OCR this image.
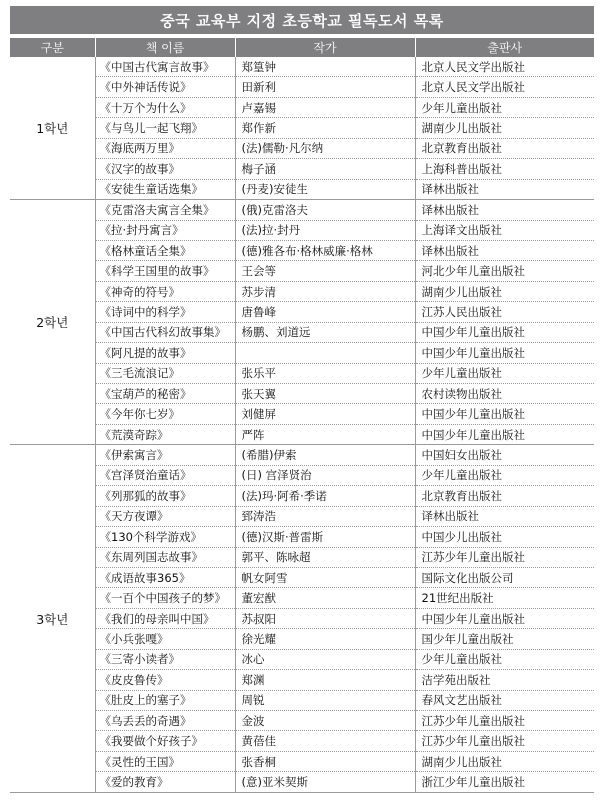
중국 교육부 지정 초등학교 필독도서 목록
구분	책 이름	작가	출판사
1학년	《中国古代寓言故事》	郑篁钟	北京人民文学出版社
	《中外神话传说》	田新利	北京人民文学出版社
	《十万个为什么》	卢嘉锡	少年儿童出版社
	《与鸟儿一起飞翔》	郑作新	湖南少儿出版社
	《海底两万里》	(法)儒勒·凡尔纳	北京教育出版社
	《汉字的故事》	梅子涵	上海科普出版社
	《安徒生童话选集》	(丹麦)安徒生	译林出版社
2학년	《克雷洛夫寓言全集》	(俄)克雷洛夫	译林出版社
	《拉·封丹寓言》	(法)拉·封丹	上海译文出版社
	《格林童话全集》	(德)雅各布·格林威廉·格林	译林出版社
	《科学王国里的故事》	王会等	河北少年儿童出版社
	《神奇的符号》	苏步清	湖南少儿出版社
	《诗词中的科学》	唐鲁峰	江苏人民出版社
	《中国古代科幻故事集》	杨鹏、刘道远	中国少年儿童出版社
	《阿凡提的故事》		中国少年儿童出版社
	《三毛流浪记》	张乐平	少年儿童出版社
	《宝葫芦的秘密》	张天翼	农村读物出版社
	《今年你七岁》	刘健屏	中国少年儿童出版社
	《荒漠奇踪》	严阵	中国少年儿童出版社
3학년	《伊索寓言》	(希腊)伊索	中国妇女出版社
	《宫泽贤治童话》	(日) 宫泽贤治	少年儿童出版社
	《列那狐的故事》	(法)玛·阿希·季诺	北京教育出版社
	《天方夜谭》	郅涛浩	译林出版社
	《130个科学游戏》	(德)汉斯·普雷斯	中国少儿出版社
	《东周列国志故事》	郭平、陈咏超	江苏少年儿童出版社
	《成语故事365》	帆女阿雪	国际文化出版公司
	《一百个中国孩子的梦》	董宏猷	21世纪出版社
	《我们的母亲叫中国》	苏叔阳	中国少年儿童出版社
	《小兵张嘎》	徐光耀	国少年儿童出版社
	《三寄小读者》	冰心	少年儿童出版社
	《皮皮鲁传》	郑渊	洁学苑出版社
	《肚皮上的塞子》	周锐	春风文艺出版社
	《乌丢丢的奇遇》	金波	江苏少年儿童出版社
	《我要做个好孩子》	黄蓓佳	江苏少年儿童出版社
	《灵性的王国》	张香桐	湖南少儿出版社
	《爱的教育》	(意)亚米契斯	浙江少年儿童出版社
